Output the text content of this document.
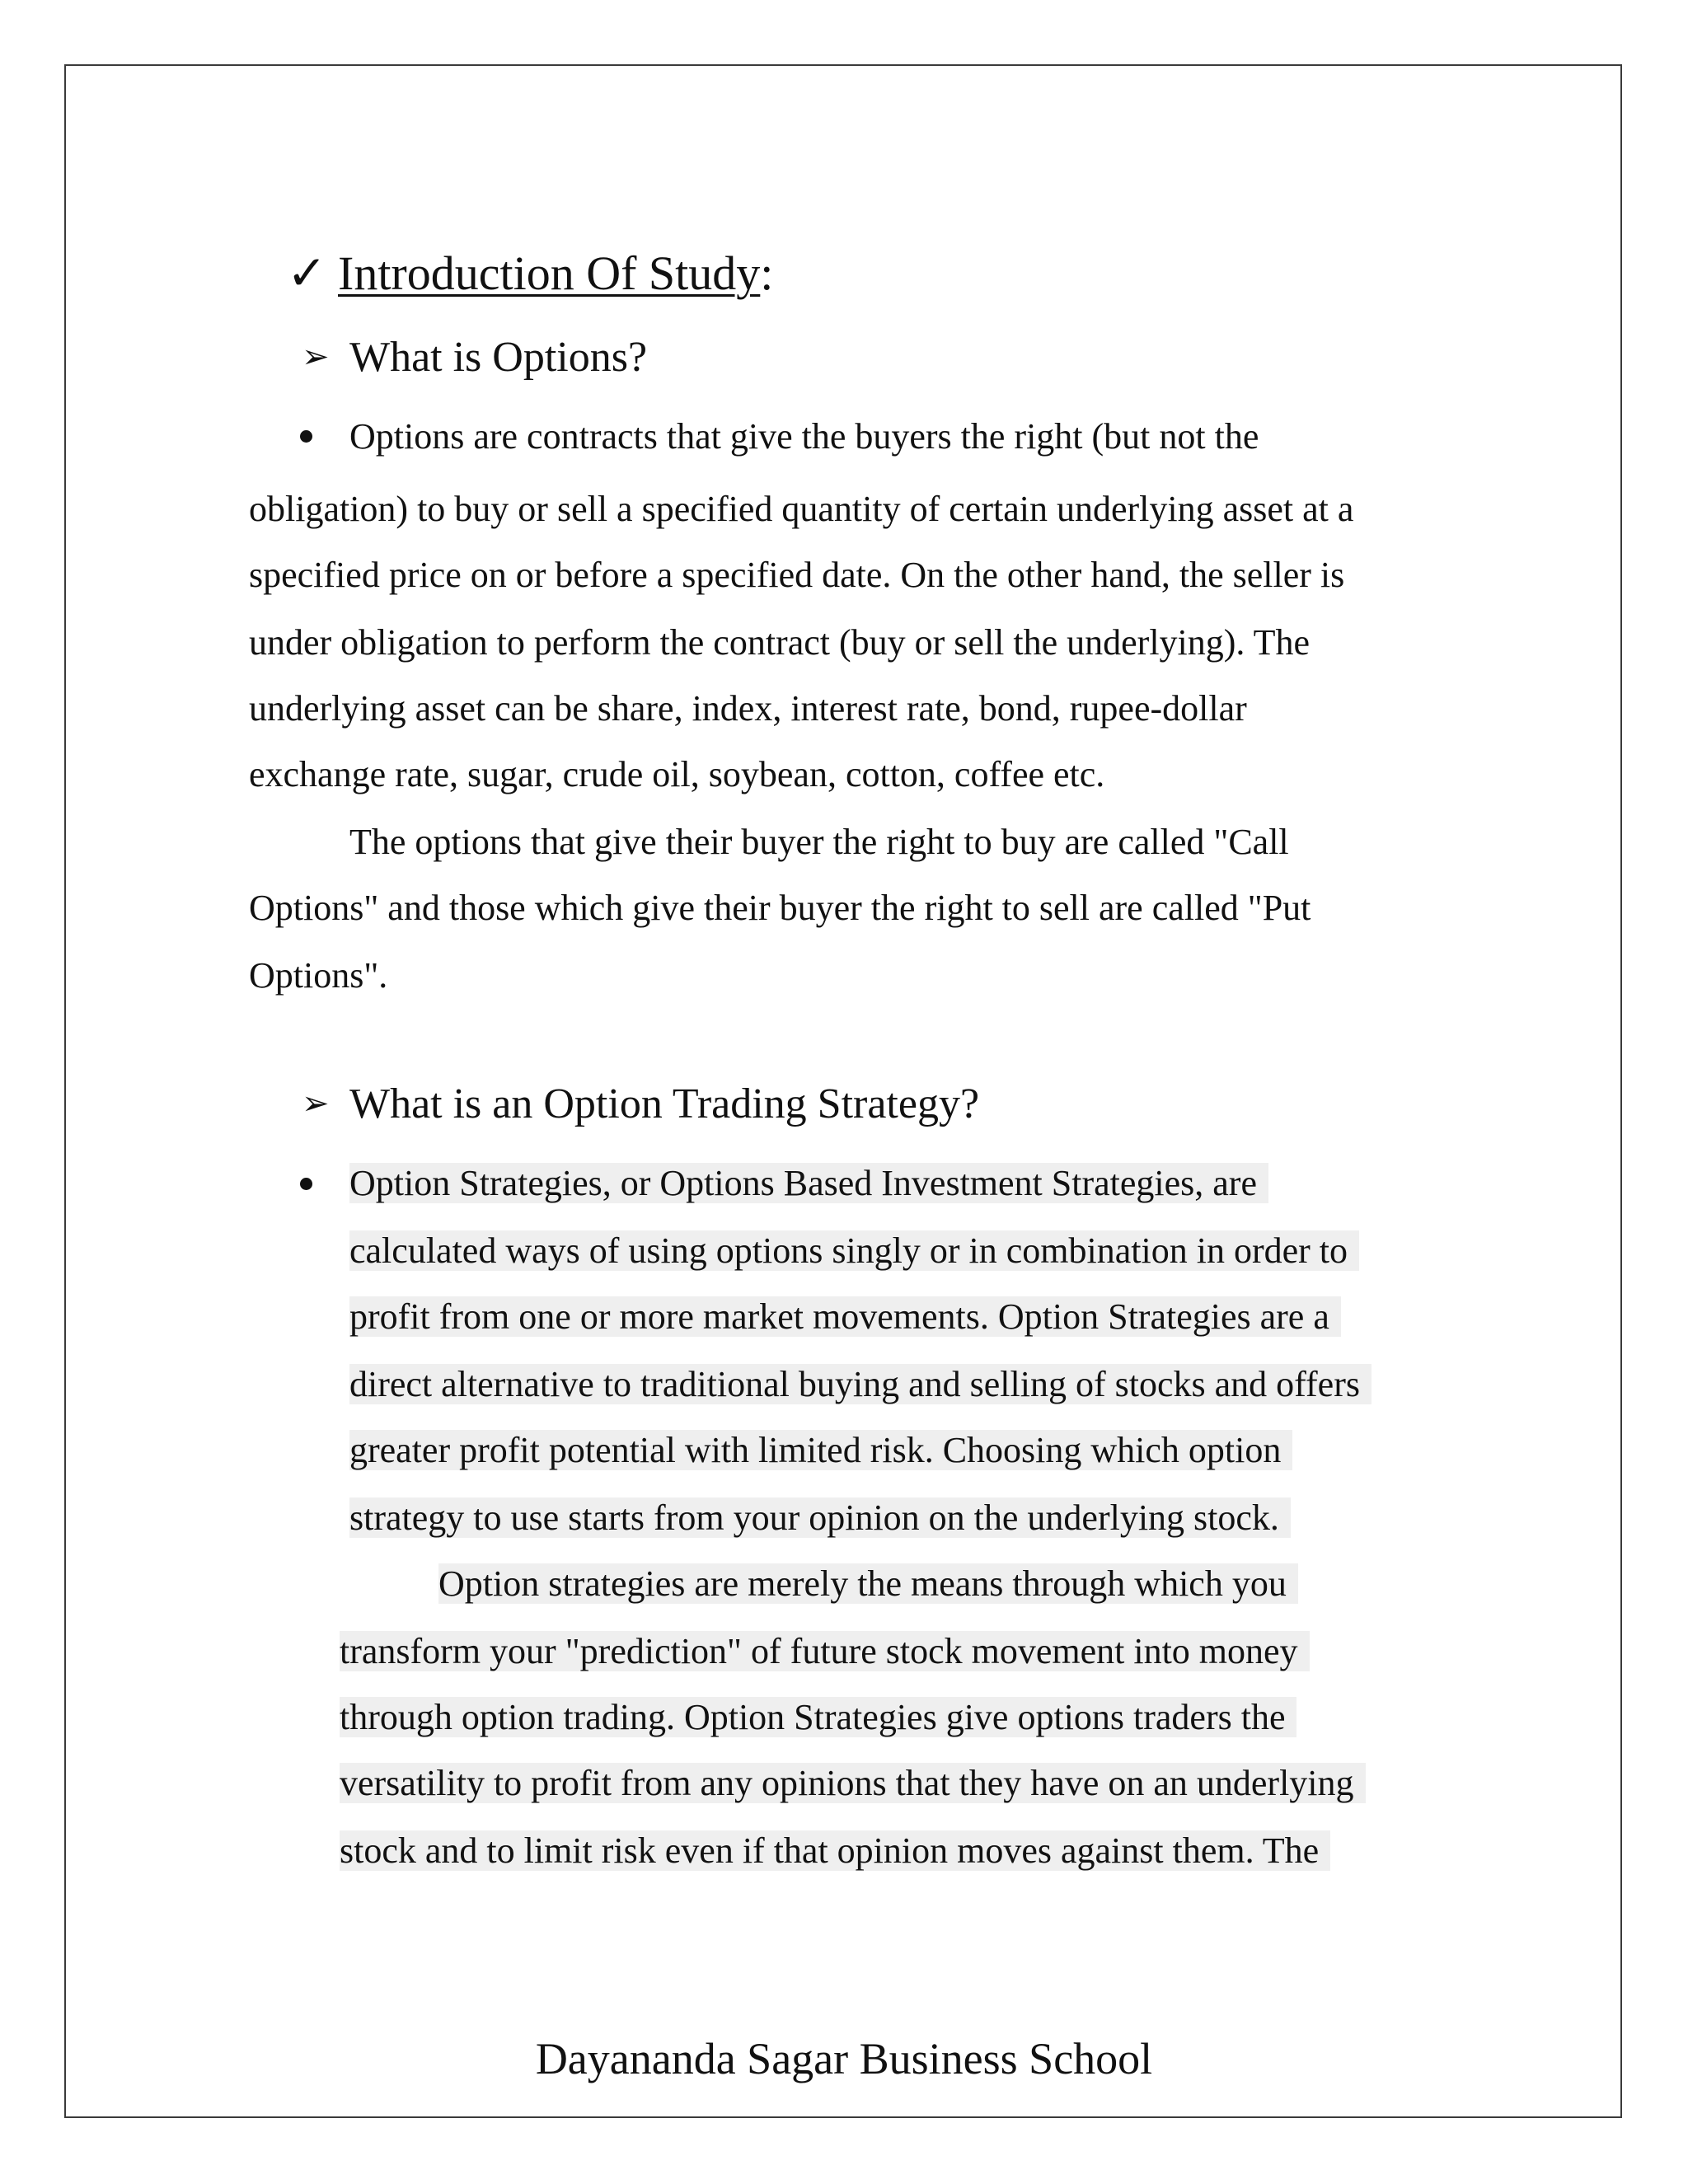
✓ Introduction Of Study:
➢ What is Options?
Options are contracts that give the buyers the right (but not the
obligation) to buy or sell a specified quantity of certain underlying asset at a
specified price on or before a specified date. On the other hand, the seller is
under obligation to perform the contract (buy or sell the underlying). The
underlying asset can be share, index, interest rate, bond, rupee-dollar
exchange rate, sugar, crude oil, soybean, cotton, coffee etc.
The options that give their buyer the right to buy are called "Call
Options" and those which give their buyer the right to sell are called "Put
Options".
➢ What is an Option Trading Strategy?
Option Strategies, or Options Based Investment Strategies, are
calculated ways of using options singly or in combination in order to
profit from one or more market movements. Option Strategies are a
direct alternative to traditional buying and selling of stocks and offers
greater profit potential with limited risk. Choosing which option
strategy to use starts from your opinion on the underlying stock.
Option strategies are merely the means through which you
transform your "prediction" of future stock movement into money
through option trading. Option Strategies give options traders the
versatility to profit from any opinions that they have on an underlying
stock and to limit risk even if that opinion moves against them. The
Dayananda Sagar Business School
